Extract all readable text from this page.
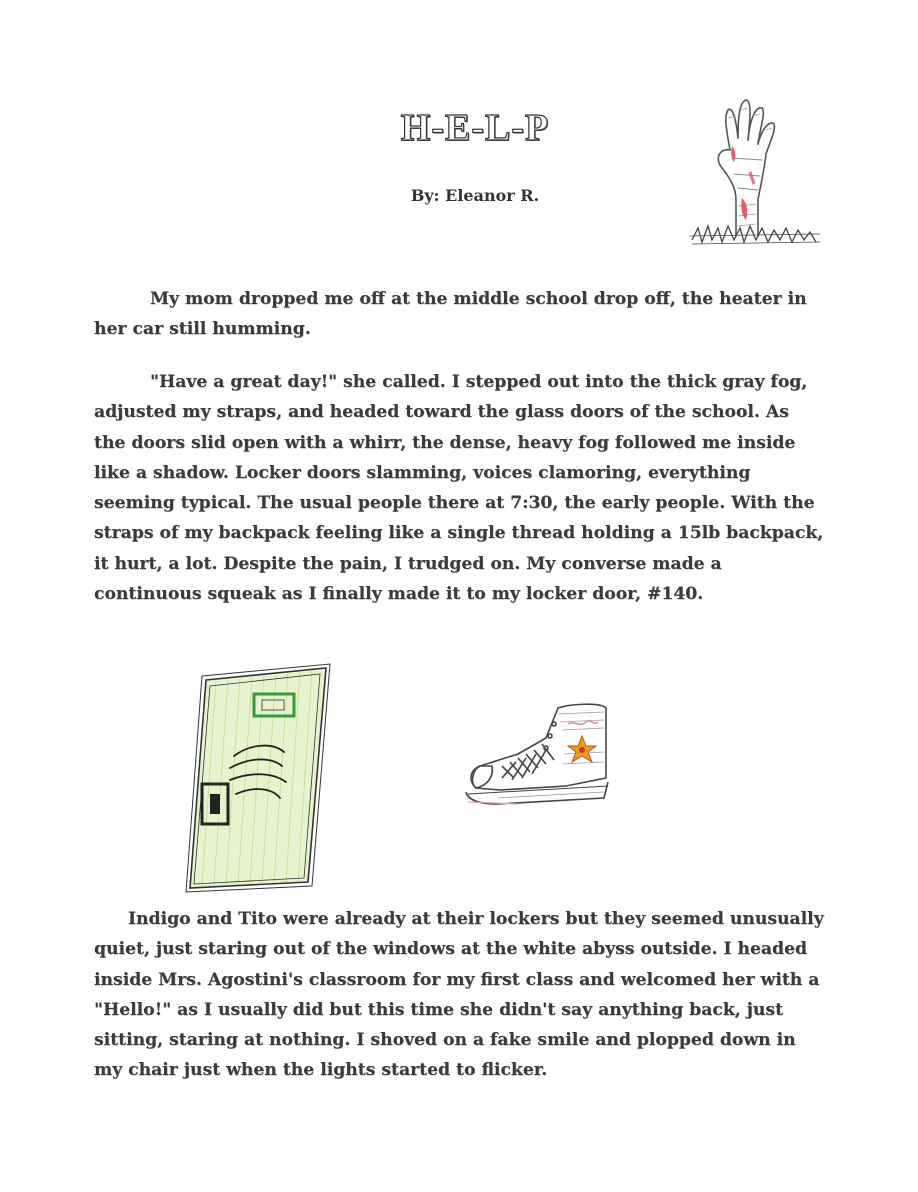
H-E-L-P
By: Eleanor R.
My mom dropped me off at the middle school drop off, the heater in her car still humming.
"Have a great day!" she called. I stepped out into the thick gray fog, adjusted my straps, and headed toward the glass doors of the school. As the doors slid open with a whirr, the dense, heavy fog followed me inside like a shadow. Locker doors slamming, voices clamoring, everything seeming typical. The usual people there at 7:30, the early people. With the straps of my backpack feeling like a single thread holding a 15lb backpack, it hurt, a lot. Despite the pain, I trudged on. My converse made a continuous squeak as I finally made it to my locker door, #140.
Indigo and Tito were already at their lockers but they seemed unusually quiet, just staring out of the windows at the white abyss outside. I headed inside Mrs. Agostini's classroom for my first class and welcomed her with a "Hello!" as I usually did but this time she didn't say anything back, just sitting, staring at nothing. I shoved on a fake smile and plopped down in my chair just when the lights started to flicker.
